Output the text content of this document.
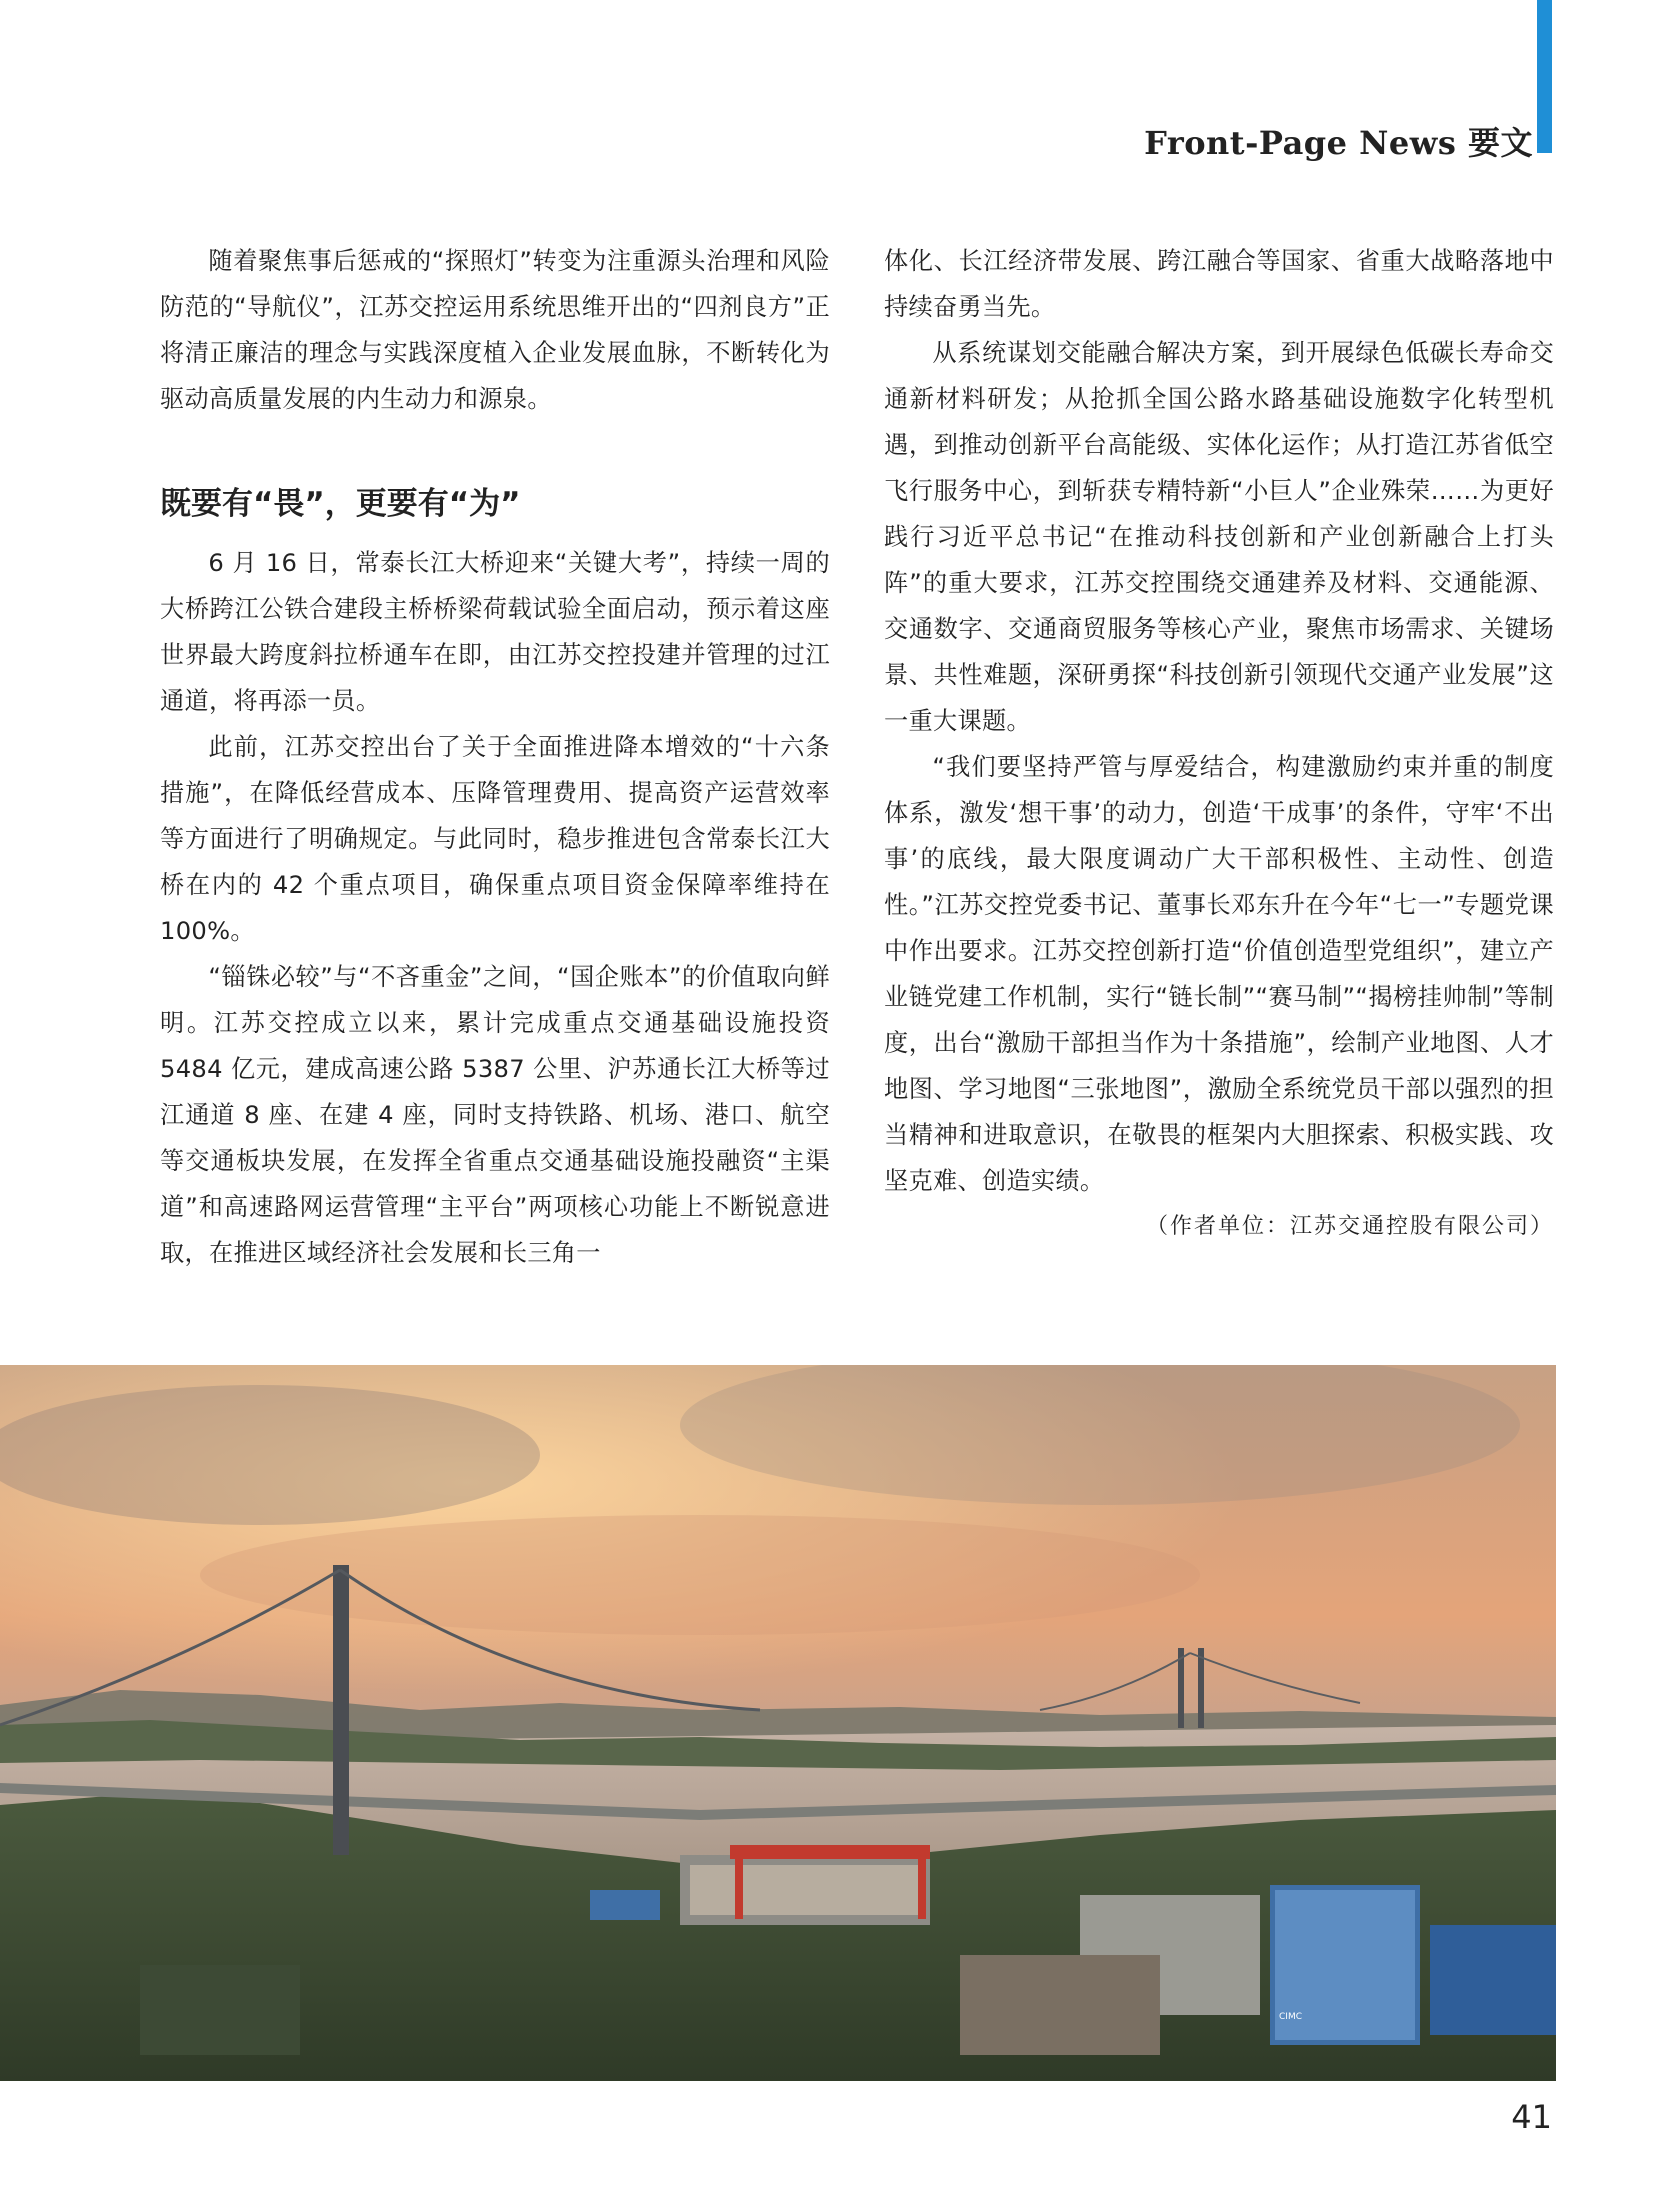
Front-Page News 要文

随着聚焦事后惩戒的“探照灯”转变为注重源头治理和风险防范的“导航仪”，江苏交控运用系统思维开出的“四剂良方”正将清正廉洁的理念与实践深度植入企业发展血脉，不断转化为驱动高质量发展的内生动力和源泉。

6 月 16 日，常泰长江大桥迎来“关键大考”，持续一周的大桥跨江公铁合建段主桥桥梁荷载试验全面启动，预示着这座世界最大跨度斜拉桥通车在即，由江苏交控投建并管理的过江通道，将再添一员。

此前，江苏交控出台了关于全面推进降本增效的“十六条措施”，在降低经营成本、压降管理费用、提高资产运营效率等方面进行了明确规定。与此同时，稳步推进包含常泰长江大桥在内的 42 个重点项目，确保重点项目资金保障率维持在 100%。

“锱铢必较”与“不吝重金”之间，“国企账本”的价值取向鲜明。江苏交控成立以来，累计完成重点交通基础设施投资 5484 亿元，建成高速公路 5387 公里、沪苏通长江大桥等过江通道 8 座、在建 4 座，同时支持铁路、机场、港口、航空等交通板块发展，在发挥全省重点交通基础设施投融资“主渠道”和高速路网运营管理“主平台”两项核心功能上不断锐意进取，在推进区域经济社会发展和长三角一

既要有“畏”，更要有“为”

体化、长江经济带发展、跨江融合等国家、省重大战略落地中持续奋勇当先。

从系统谋划交能融合解决方案，到开展绿色低碳长寿命交通新材料研发；从抢抓全国公路水路基础设施数字化转型机遇，到推动创新平台高能级、实体化运作；从打造江苏省低空飞行服务中心，到斩获专精特新“小巨人”企业殊荣……为更好践行习近平总书记“在推动科技创新和产业创新融合上打头阵”的重大要求，江苏交控围绕交通建养及材料、交通能源、交通数字、交通商贸服务等核心产业，聚焦市场需求、关键场景、共性难题，深研勇探“科技创新引领现代交通产业发展”这一重大课题。

“我们要坚持严管与厚爱结合，构建激励约束并重的制度体系，激发‘想干事’的动力，创造‘干成事’的条件，守牢‘不出事’的底线，最大限度调动广大干部积极性、主动性、创造性。”江苏交控党委书记、董事长邓东升在今年“七一”专题党课中作出要求。江苏交控创新打造“价值创造型党组织”，建立产业链党建工作机制，实行“链长制”“赛马制”“揭榜挂帅制”等制度，出台“激励干部担当作为十条措施”，绘制产业地图、人才地图、学习地图“三张地图”，激励全系统党员干部以强烈的担当精神和进取意识，在敬畏的框架内大胆探索、积极实践、攻坚克难、创造实绩。

（作者单位：江苏交通控股有限公司）

CIMC
41
